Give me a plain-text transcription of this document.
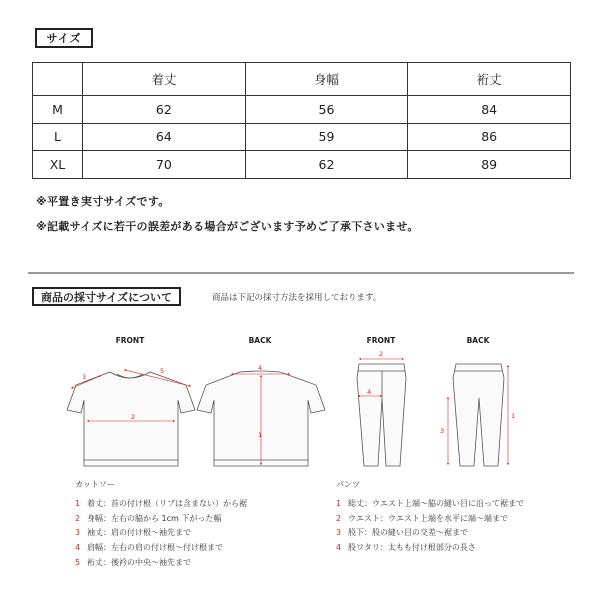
サイズ
	着丈	身幅	裄丈
M	62	56	84
L	64	59	86
XL	70	62	89
※平置き実寸サイズです。
※記載サイズに若干の誤差がある場合がございます予めご了承下さいませ。
商品の採寸サイズについて	商品は下記の採寸方法を採用しております。
FRONT	BACK	FRONT	BACK
2
5
3
4
1
2
4
3
1
カットソー	パンツ
1 着丈：首の付け根（リブは含まない）から裾
2 身幅：左右の脇から 1cm 下がった幅
3 袖丈：肩の付け根〜袖先まで
4 肩幅：左右の肩の付け根〜付け根まで
5 裄丈：後衿の中央〜袖先まで
1 総丈：ウエスト上端〜脇の縫い目に沿って裾まで
2 ウエスト：ウエスト上端を水平に端〜端まで
3 股下：股の縫い目の交差〜裾まで
4 股ワタリ：太もも付け根部分の長さ
